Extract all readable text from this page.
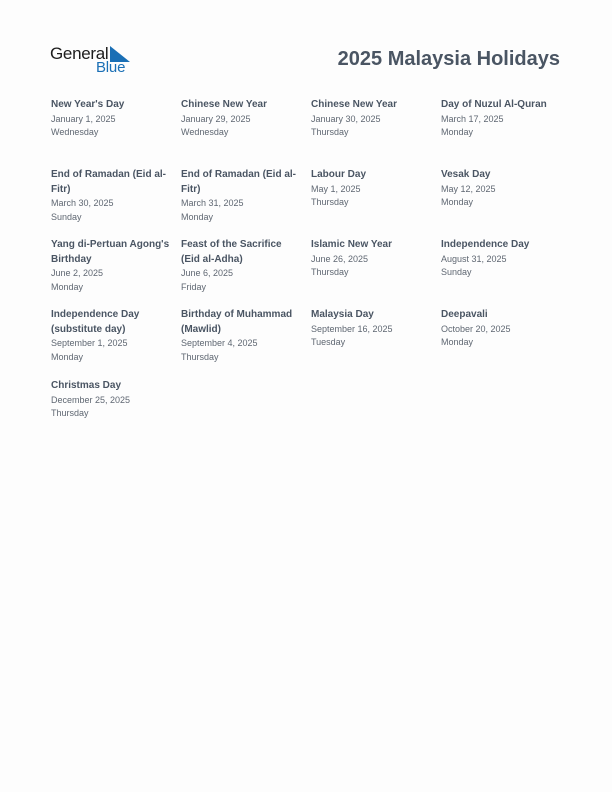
General
Blue	2025 Malaysia Holidays
New Year's Day
January 1, 2025
Wednesday
Chinese New Year
January 29, 2025
Wednesday
Chinese New Year
January 30, 2025
Thursday
Day of Nuzul Al-Quran
March 17, 2025
Monday
End of Ramadan (Eid al-Fitr)
March 30, 2025
Sunday
End of Ramadan (Eid al-Fitr)
March 31, 2025
Monday
Labour Day
May 1, 2025
Thursday
Vesak Day
May 12, 2025
Monday
Yang di-Pertuan Agong's Birthday
June 2, 2025
Monday
Feast of the Sacrifice (Eid al-Adha)
June 6, 2025
Friday
Islamic New Year
June 26, 2025
Thursday
Independence Day
August 31, 2025
Sunday
Independence Day (substitute day)
September 1, 2025
Monday
Birthday of Muhammad (Mawlid)
September 4, 2025
Thursday
Malaysia Day
September 16, 2025
Tuesday
Deepavali
October 20, 2025
Monday
Christmas Day
December 25, 2025
Thursday
